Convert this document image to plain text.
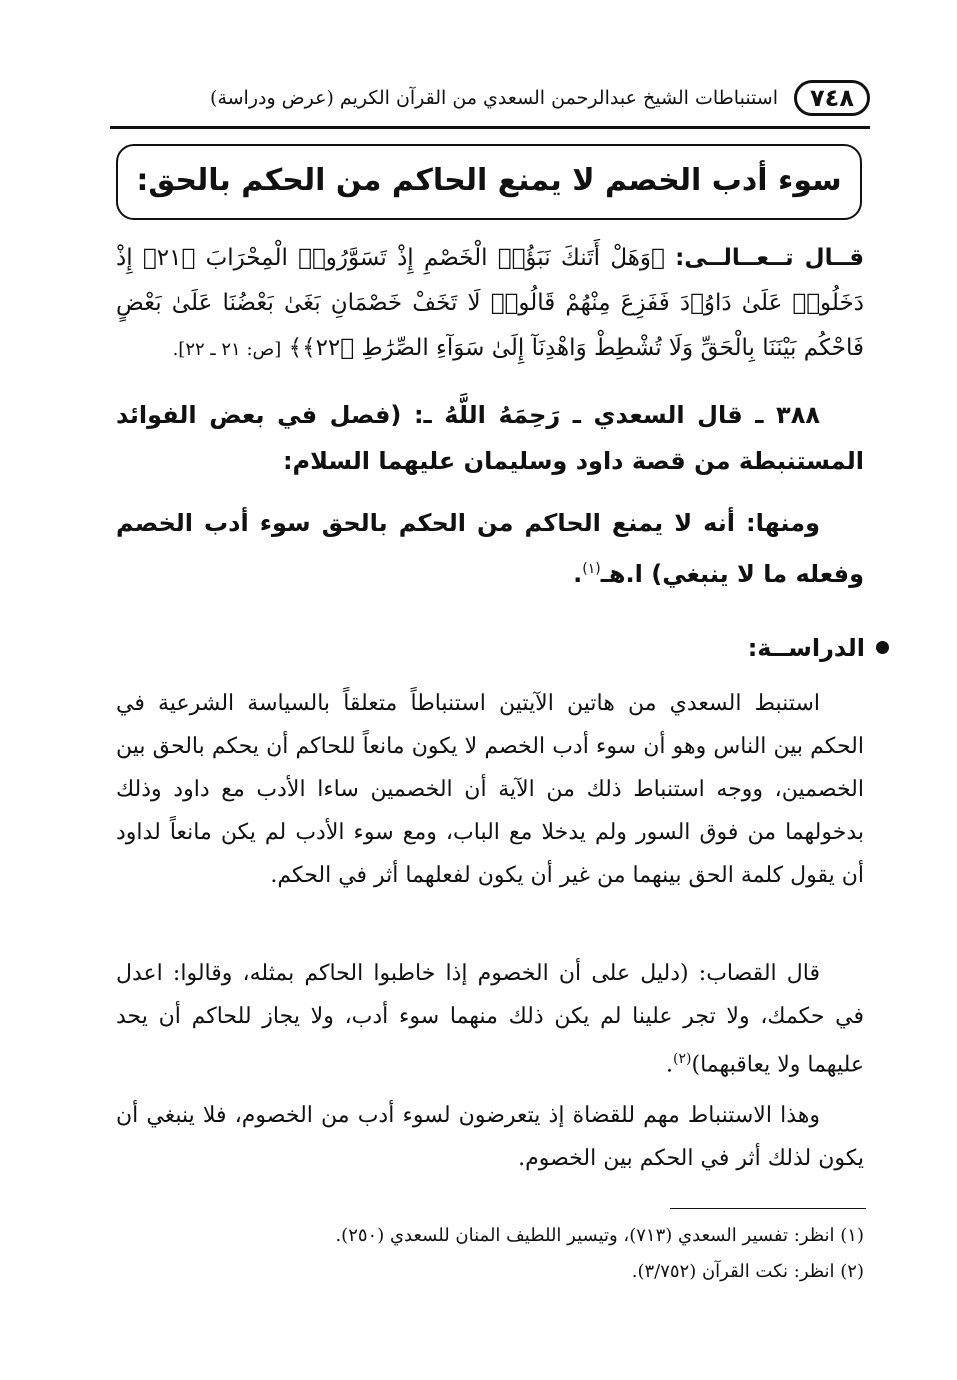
٧٤٨
استنباطات الشيخ عبدالرحمن السعدي من القرآن الكريم (عرض ودراسة)
سوء أدب الخصم لا يمنع الحاكم من الحكم بالحق:
قــال تــعــالــى: ﴿وَهَلْ أَتَنكَ نَبَؤُا۟ الْخَصْمِ إِذْ تَسَوَّرُوا۟ الْمِحْرَابَ ﴿٢١﴾ إِذْ دَخَلُوا۟ عَلَىٰ دَاوُۥدَ فَفَزِعَ مِنْهُمْ قَالُوا۟ لَا تَخَفْ خَصْمَانِ بَغَىٰ بَعْضُنَا عَلَىٰ بَعْضٍ فَاحْكُم بَيْنَنَا بِالْحَقِّ وَلَا تُشْطِطْ وَاهْدِنَآ إِلَىٰ سَوَآءِ الصِّرَٰطِ ﴿٢٢﴾﴾ [ص: ٢١ ـ ٢٢].
٣٨٨ ـ قال السعدي ـ رَحِمَهُ اللَّهُ ـ: (فصل في بعض الفوائد المستنبطة من قصة داود وسليمان عليهما السلام:
ومنها: أنه لا يمنع الحاكم من الحكم بالحق سوء أدب الخصم وفعله ما لا ينبغي) ا.هـ$^{(١)}$.
الدراســة:
استنبط السعدي من هاتين الآيتين استنباطاً متعلقاً بالسياسة الشرعية في الحكم بين الناس وهو أن سوء أدب الخصم لا يكون مانعاً للحاكم أن يحكم بالحق بين الخصمين، ووجه استنباط ذلك من الآية أن الخصمين ساءا الأدب مع داود وذلك بدخولهما من فوق السور ولم يدخلا مع الباب، ومع سوء الأدب لم يكن مانعاً لداود أن يقول كلمة الحق بينهما من غير أن يكون لفعلهما أثر في الحكم.
قال القصاب: (دليل على أن الخصوم إذا خاطبوا الحاكم بمثله، وقالوا: اعدل في حكمك، ولا تجر علينا لم يكن ذلك منهما سوء أدب، ولا يجاز للحاكم أن يحد عليهما ولا يعاقبهما)$^{(٢)}$.
وهذا الاستنباط مهم للقضاة إذ يتعرضون لسوء أدب من الخصوم، فلا ينبغي أن يكون لذلك أثر في الحكم بين الخصوم.
(١) انظر: تفسير السعدي (٧١٣)، وتيسير اللطيف المنان للسعدي (٢٥٠).
(٢) انظر: نكت القرآن (٣/٧٥٢).
